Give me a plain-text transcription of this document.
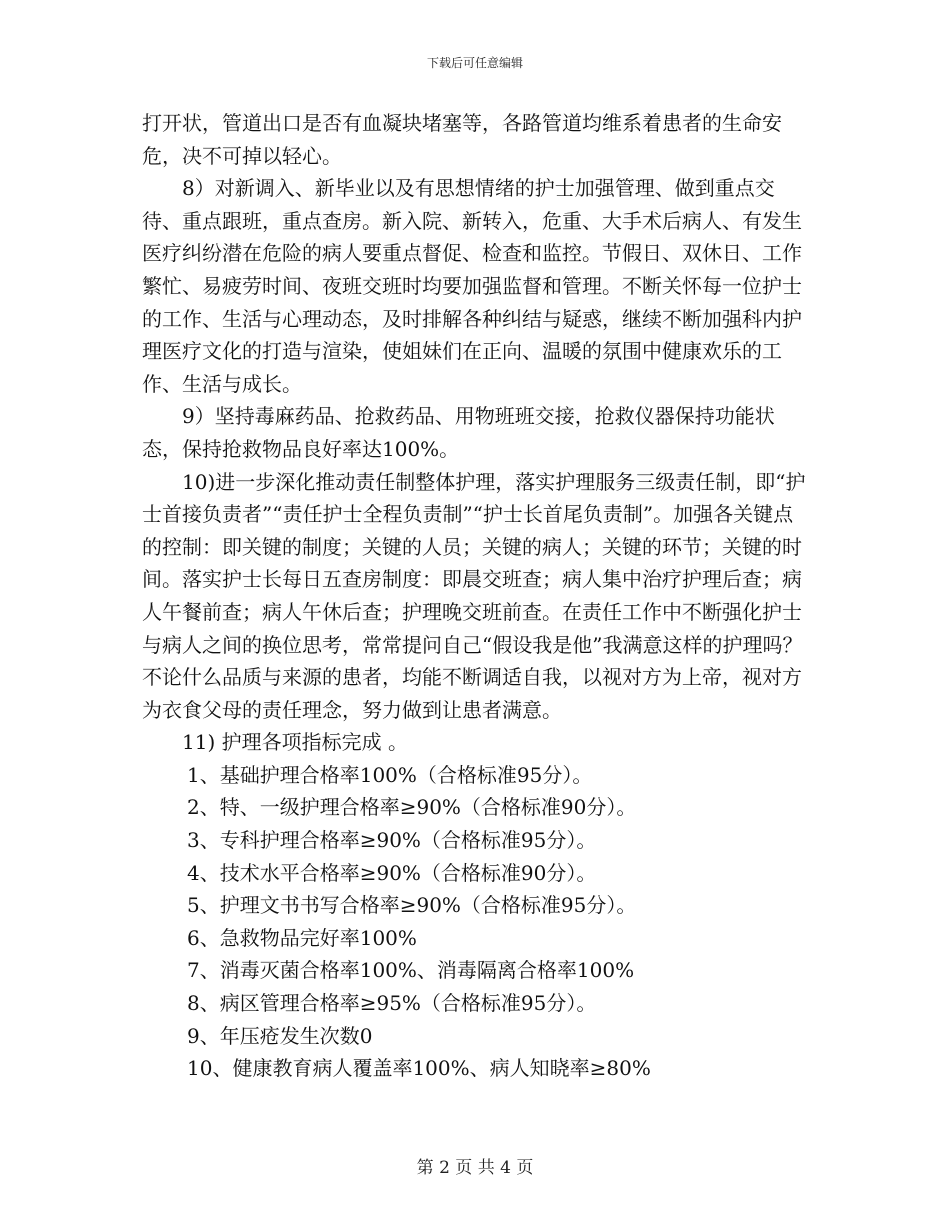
下载后可任意编辑

打开状，管道出口是否有血凝块堵塞等，各路管道均维系着患者的生命安危，决不可掉以轻心。

8）对新调入、新毕业以及有思想情绪的护士加强管理、做到重点交待、重点跟班，重点查房。新入院、新转入，危重、大手术后病人、有发生医疗纠纷潜在危险的病人要重点督促、检查和监控。节假日、双休日、工作繁忙、易疲劳时间、夜班交班时均要加强监督和管理。不断关怀每一位护士的工作、生活与心理动态，及时排解各种纠结与疑惑，继续不断加强科内护理医疗文化的打造与渲染，使姐妹们在正向、温暖的氛围中健康欢乐的工作、生活与成长。

9）坚持毒麻药品、抢救药品、用物班班交接，抢救仪器保持功能状态，保持抢救物品良好率达100%。

10)进一步深化推动责任制整体护理，落实护理服务三级责任制，即“护士首接负责者”“责任护士全程负责制”“护士长首尾负责制”。加强各关键点的控制：即关键的制度；关键的人员；关键的病人；关键的环节；关键的时间。落实护士长每日五查房制度：即晨交班查；病人集中治疗护理后查；病人午餐前查；病人午休后查；护理晚交班前查。在责任工作中不断强化护士与病人之间的换位思考，常常提问自己“假设我是他”我满意这样的护理吗？不论什么品质与来源的患者，均能不断调适自我，以视对方为上帝，视对方为衣食父母的责任理念，努力做到让患者满意。

11) 护理各项指标完成 。

1、基础护理合格率100%（合格标准95分）。

2、特、一级护理合格率≥90%（合格标准90分）。

3、专科护理合格率≥90%（合格标准95分）。

4、技术水平合格率≥90%（合格标准90分）。

5、护理文书书写合格率≥90%（合格标准95分）。

6、急救物品完好率100%

7、消毒灭菌合格率100%、消毒隔离合格率100%

8、病区管理合格率≥95%（合格标准95分）。

9、年压疮发生次数0

10、健康教育病人覆盖率100%、病人知晓率≥80%

第 2 页 共 4 页
